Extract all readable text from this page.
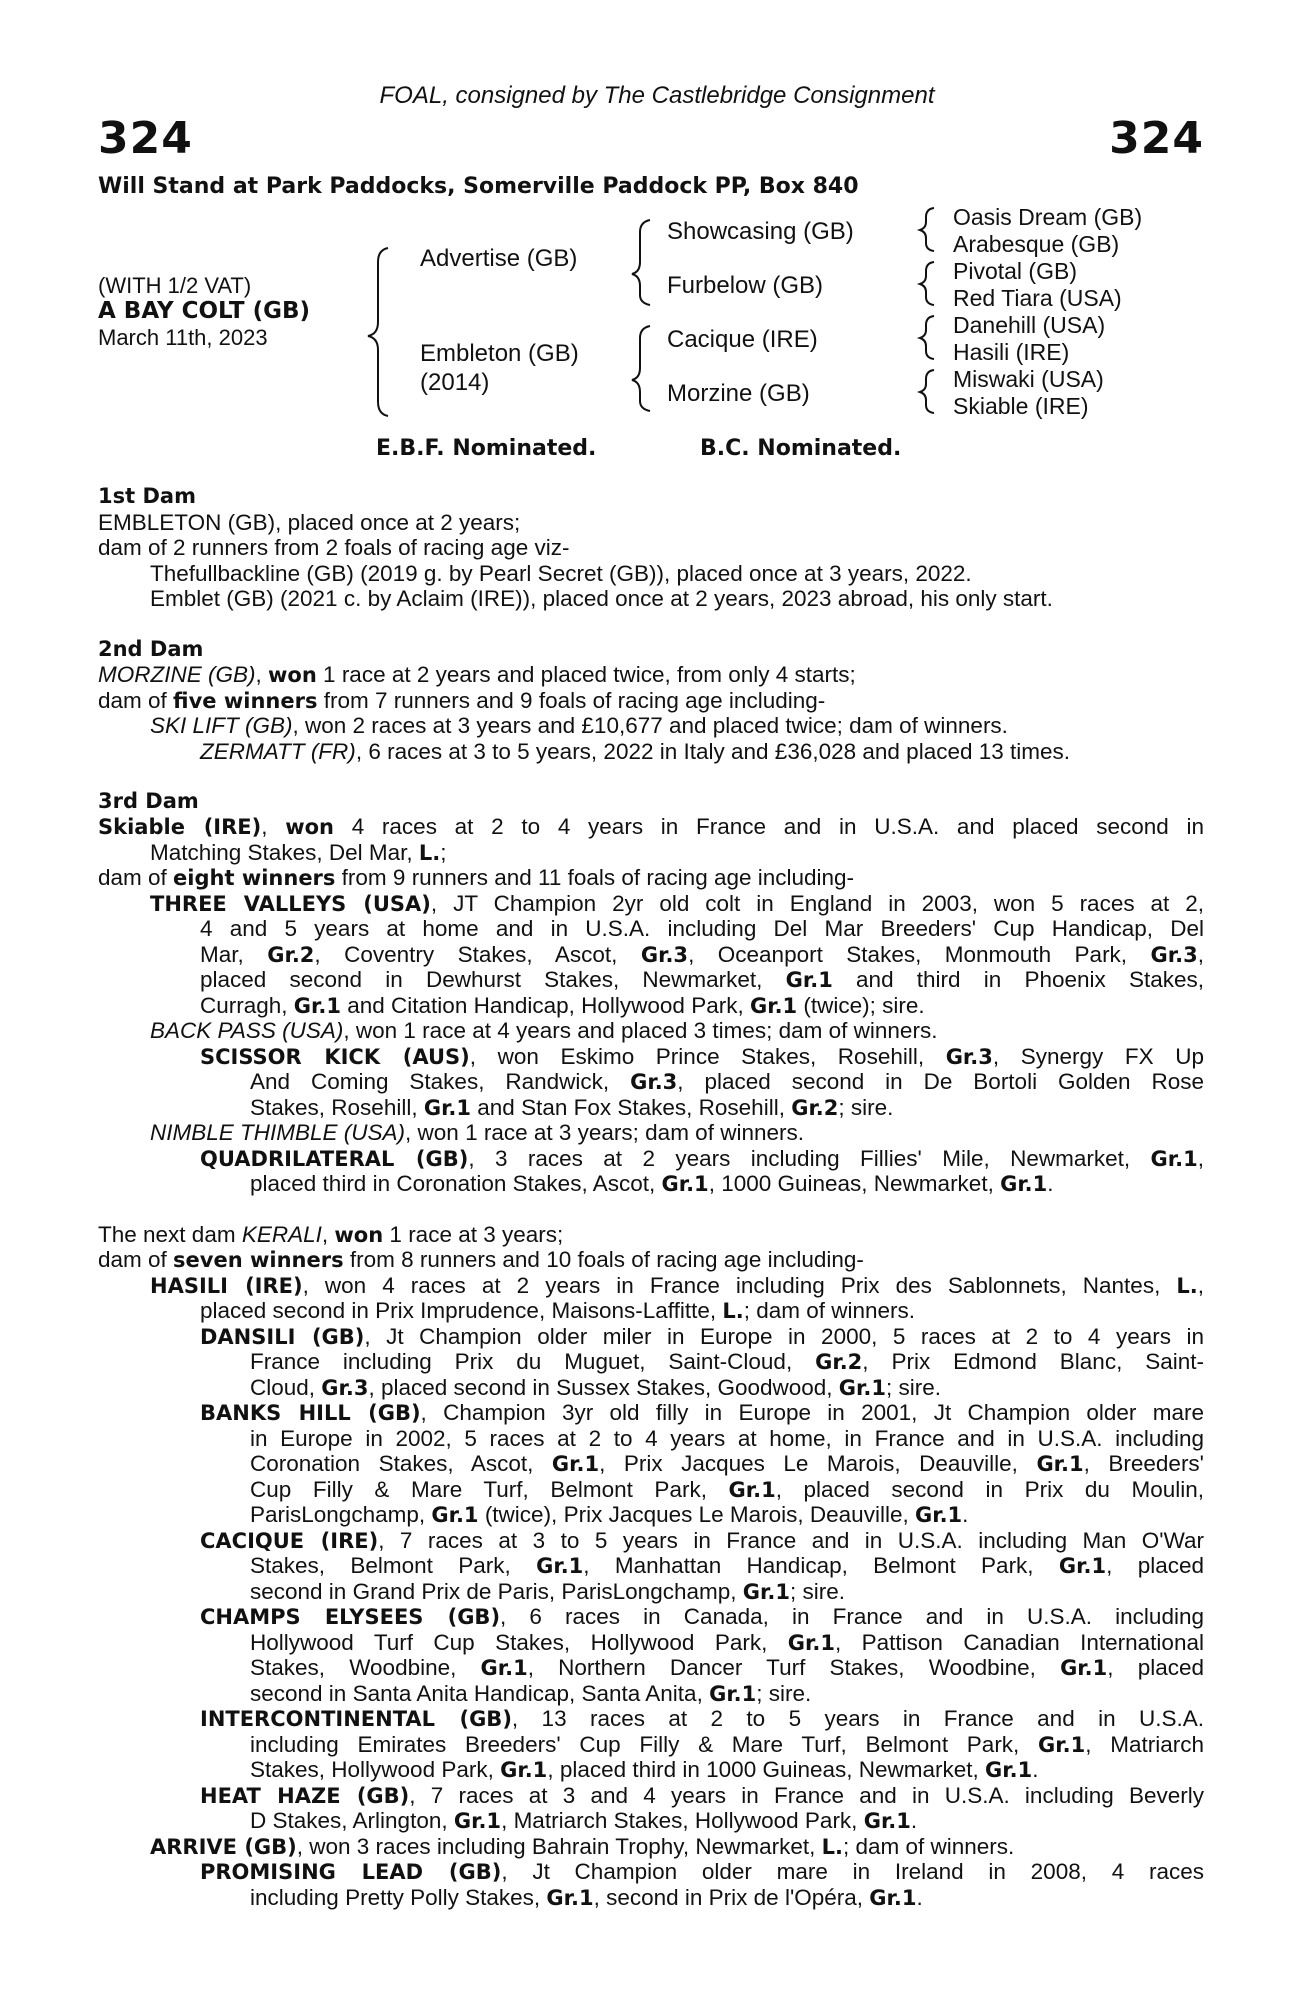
FOAL, consigned by The Castlebridge Consignment
324	324
Will Stand at Park Paddocks, Somerville Paddock PP, Box 840
(WITH 1/2 VAT)
A BAY COLT (GB)
March 11th, 2023
Advertise (GB)
Embleton (GB)
(2014)
Showcasing (GB)
Furbelow (GB)
Cacique (IRE)
Morzine (GB)
Oasis Dream (GB)
Arabesque (GB)
Pivotal (GB)
Red Tiara (USA)
Danehill (USA)
Hasili (IRE)
Miswaki (USA)
Skiable (IRE)
E.B.F. Nominated.	B.C. Nominated.
1st Dam
EMBLETON (GB), placed once at 2 years;
dam of 2 runners from 2 foals of racing age viz-
Thefullbackline (GB) (2019 g. by Pearl Secret (GB)), placed once at 3 years, 2022.
Emblet (GB) (2021 c. by Aclaim (IRE)), placed once at 2 years, 2023 abroad, his only start.
2nd Dam
MORZINE (GB), won 1 race at 2 years and placed twice, from only 4 starts;
dam of five winners from 7 runners and 9 foals of racing age including-
SKI LIFT (GB), won 2 races at 3 years and £10,677 and placed twice; dam of winners.
ZERMATT (FR), 6 races at 3 to 5 years, 2022 in Italy and £36,028 and placed 13 times.
3rd Dam
Skiable (IRE), won 4 races at 2 to 4 years in France and in U.S.A. and placed second in
Matching Stakes, Del Mar, L.;
dam of eight winners from 9 runners and 11 foals of racing age including-
THREE VALLEYS (USA), JT Champion 2yr old colt in England in 2003, won 5 races at 2,
4 and 5 years at home and in U.S.A. including Del Mar Breeders' Cup Handicap, Del
Mar, Gr.2, Coventry Stakes, Ascot, Gr.3, Oceanport Stakes, Monmouth Park, Gr.3,
placed second in Dewhurst Stakes, Newmarket, Gr.1 and third in Phoenix Stakes,
Curragh, Gr.1 and Citation Handicap, Hollywood Park, Gr.1 (twice); sire.
BACK PASS (USA), won 1 race at 4 years and placed 3 times; dam of winners.
SCISSOR KICK (AUS), won Eskimo Prince Stakes, Rosehill, Gr.3, Synergy FX Up
And Coming Stakes, Randwick, Gr.3, placed second in De Bortoli Golden Rose
Stakes, Rosehill, Gr.1 and Stan Fox Stakes, Rosehill, Gr.2; sire.
NIMBLE THIMBLE (USA), won 1 race at 3 years; dam of winners.
QUADRILATERAL (GB), 3 races at 2 years including Fillies' Mile, Newmarket, Gr.1,
placed third in Coronation Stakes, Ascot, Gr.1, 1000 Guineas, Newmarket, Gr.1.
The next dam KERALI, won 1 race at 3 years;
dam of seven winners from 8 runners and 10 foals of racing age including-
HASILI (IRE), won 4 races at 2 years in France including Prix des Sablonnets, Nantes, L.,
placed second in Prix Imprudence, Maisons-Laffitte, L.; dam of winners.
DANSILI (GB), Jt Champion older miler in Europe in 2000, 5 races at 2 to 4 years in
France including Prix du Muguet, Saint-Cloud, Gr.2, Prix Edmond Blanc, Saint-
Cloud, Gr.3, placed second in Sussex Stakes, Goodwood, Gr.1; sire.
BANKS HILL (GB), Champion 3yr old filly in Europe in 2001, Jt Champion older mare
in Europe in 2002, 5 races at 2 to 4 years at home, in France and in U.S.A. including
Coronation Stakes, Ascot, Gr.1, Prix Jacques Le Marois, Deauville, Gr.1, Breeders'
Cup Filly & Mare Turf, Belmont Park, Gr.1, placed second in Prix du Moulin,
ParisLongchamp, Gr.1 (twice), Prix Jacques Le Marois, Deauville, Gr.1.
CACIQUE (IRE), 7 races at 3 to 5 years in France and in U.S.A. including Man O'War
Stakes, Belmont Park, Gr.1, Manhattan Handicap, Belmont Park, Gr.1, placed
second in Grand Prix de Paris, ParisLongchamp, Gr.1; sire.
CHAMPS ELYSEES (GB), 6 races in Canada, in France and in U.S.A. including
Hollywood Turf Cup Stakes, Hollywood Park, Gr.1, Pattison Canadian International
Stakes, Woodbine, Gr.1, Northern Dancer Turf Stakes, Woodbine, Gr.1, placed
second in Santa Anita Handicap, Santa Anita, Gr.1; sire.
INTERCONTINENTAL (GB), 13 races at 2 to 5 years in France and in U.S.A.
including Emirates Breeders' Cup Filly & Mare Turf, Belmont Park, Gr.1, Matriarch
Stakes, Hollywood Park, Gr.1, placed third in 1000 Guineas, Newmarket, Gr.1.
HEAT HAZE (GB), 7 races at 3 and 4 years in France and in U.S.A. including Beverly
D Stakes, Arlington, Gr.1, Matriarch Stakes, Hollywood Park, Gr.1.
ARRIVE (GB), won 3 races including Bahrain Trophy, Newmarket, L.; dam of winners.
PROMISING LEAD (GB), Jt Champion older mare in Ireland in 2008, 4 races
including Pretty Polly Stakes, Gr.1, second in Prix de l'Opéra, Gr.1.
